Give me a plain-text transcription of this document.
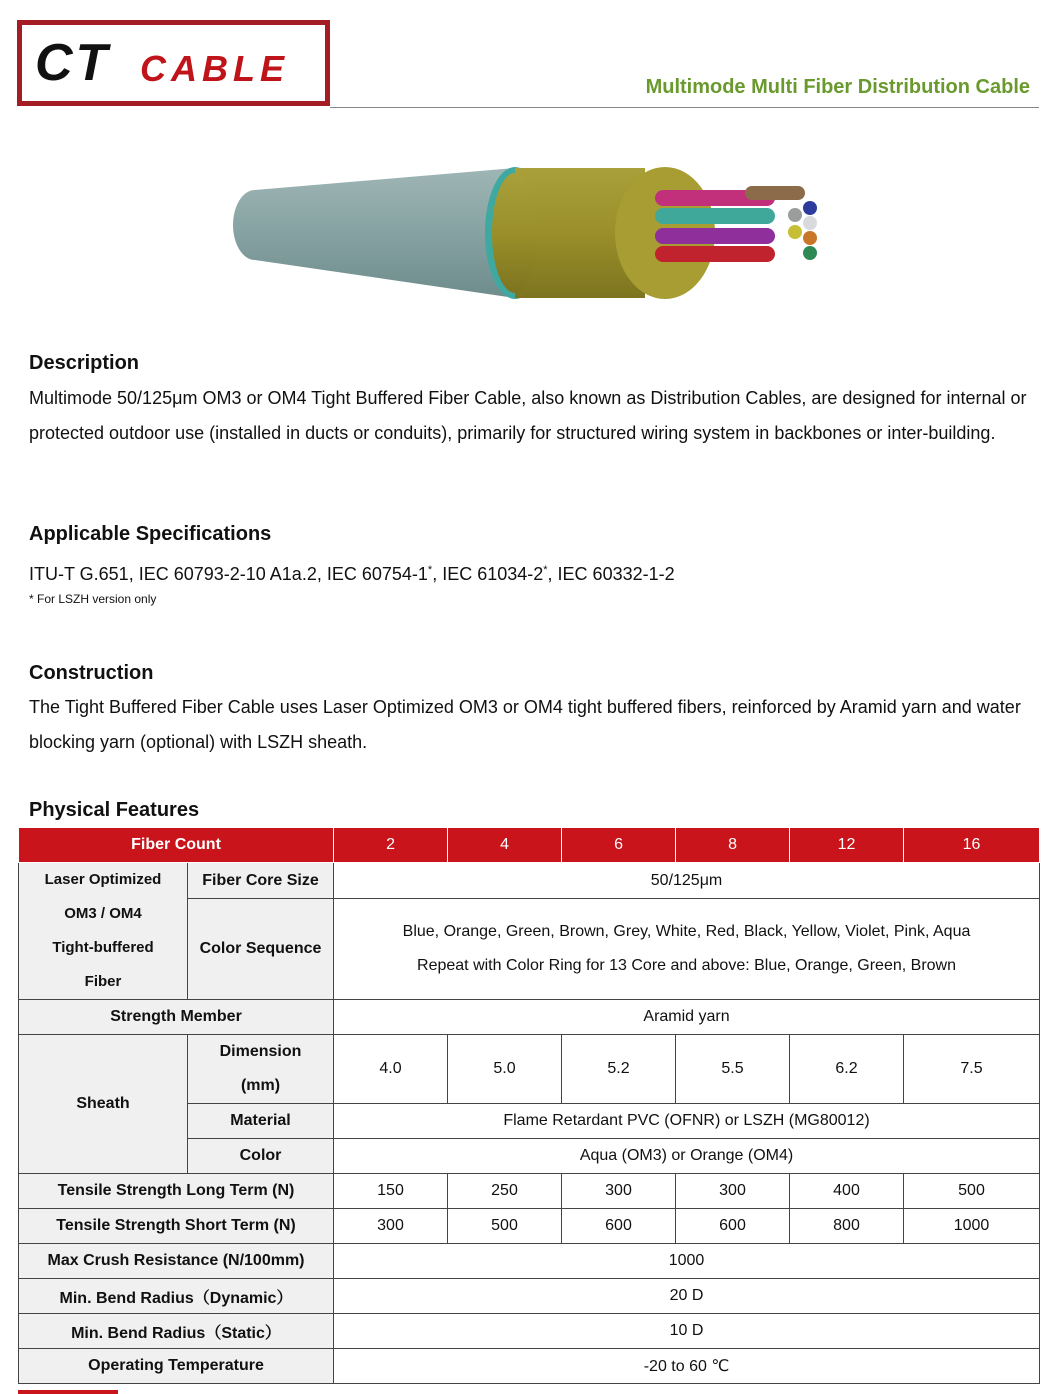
CT CABLE	Multimode Multi Fiber Distribution Cable
Description
Multimode 50/125μm OM3 or OM4 Tight Buffered Fiber Cable, also known as Distribution Cables, are designed for internal or protected outdoor use (installed in ducts or conduits), primarily for structured wiring system in backbones or inter-building.
Applicable Specifications
ITU-T G.651, IEC 60793-2-10 A1a.2, IEC 60754-1*, IEC 61034-2*, IEC 60332-1-2
* For LSZH version only
Construction
The Tight Buffered Fiber Cable uses Laser Optimized OM3 or OM4 tight buffered fibers, reinforced by Aramid yarn and water blocking yarn (optional) with LSZH sheath.
Physical Features
Fiber Count		2	4	6	8	12	16

Laser Optimized
OM3 / OM4
Tight-buffered
Fiber	Fiber Core Size	50/125μm					
	Color Sequence	Blue, Orange, Green, Brown, Grey, White, Red, Black, Yellow, Violet, Pink, Aqua
Repeat with Color Ring for 13 Core and above: Blue, Orange, Green, Brown					

Strength Member		Aramid yarn					
Sheath	Dimension
(mm)	4.0	5.0	5.2	5.5	6.2	7.5
	Material	Flame Retardant PVC (OFNR) or LSZH (MG80012)					
	Color	Aqua (OM3) or Orange (OM4)					
Tensile Strength Long Term (N)		150	250	300	300	400	500
Tensile Strength Short Term (N)		300	500	600	600	800	1000
Max Crush Resistance (N/100mm)		1000					
Min. Bend Radius（Dynamic）		20 D					
Min. Bend Radius（Static）		10 D					
Operating Temperature		-20 to 60 ℃					
